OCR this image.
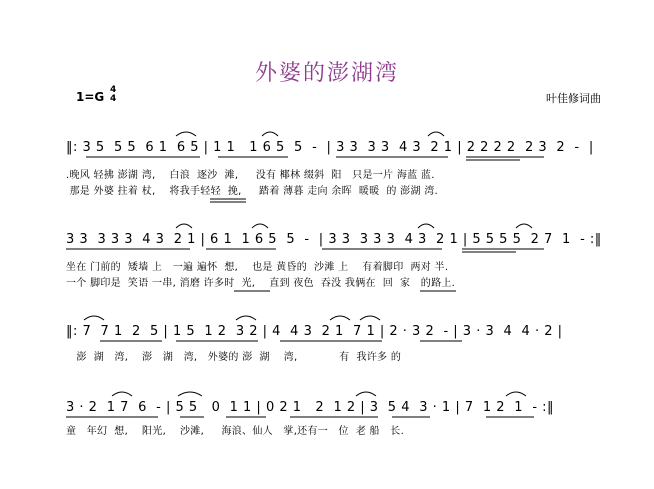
外婆的澎湖湾
1=G 4
4	叶佳修词曲
‖: 3 5  5 5  6 1  6 5 | 1 1   1 6 5  5  -  | 3 3  3 3  4 3  2 1 | 2 2 2 2  2 3  2  -  |
.晚风 轻拂 澎湖 湾,    白浪  逐沙  滩,     没有 椰林 缀斜  阳   只是一片 海蓝 蓝.
那是 外婆 拄着 杖,    将我手轻轻  挽,     踏着 薄暮 走向 余晖  暖暖  的 澎湖 湾.
3 3  3 3 3  4 3  2 1 | 6 1  1 6 5  5  -  | 3 3  3 3 3  4 3  2 1 | 5 5 5 5  2 7  1  - :‖
坐在 门前的  矮墙 上   一遍 遍怀  想,    也是 黄昏的  沙滩 上    有着脚印  两对 半.
一个 脚印是  笑语 一串, 消磨 许多时  光,    直到 夜色  吞没 我俩在  回  家   的路上.
‖: 7  7 1  2  5 | 1 5  1 2  3 2 | 4  4 3  2 1  7 1 | 2 · 3 2  - | 3 · 3  4  4 · 2 |
澎  湖   湾,    澎   湖   湾,   外婆的 澎  湖    湾,            有  我许多 的
3 · 2  1 7  6  - | 5 5   0  1 1 | 0 2 1   2  1 2 | 3  5 4  3 · 1 | 7  1 2  1  - :‖
童   年幻  想,    阳光,    沙滩,     海浪、仙人   掌,还有一   位  老 船   长.
